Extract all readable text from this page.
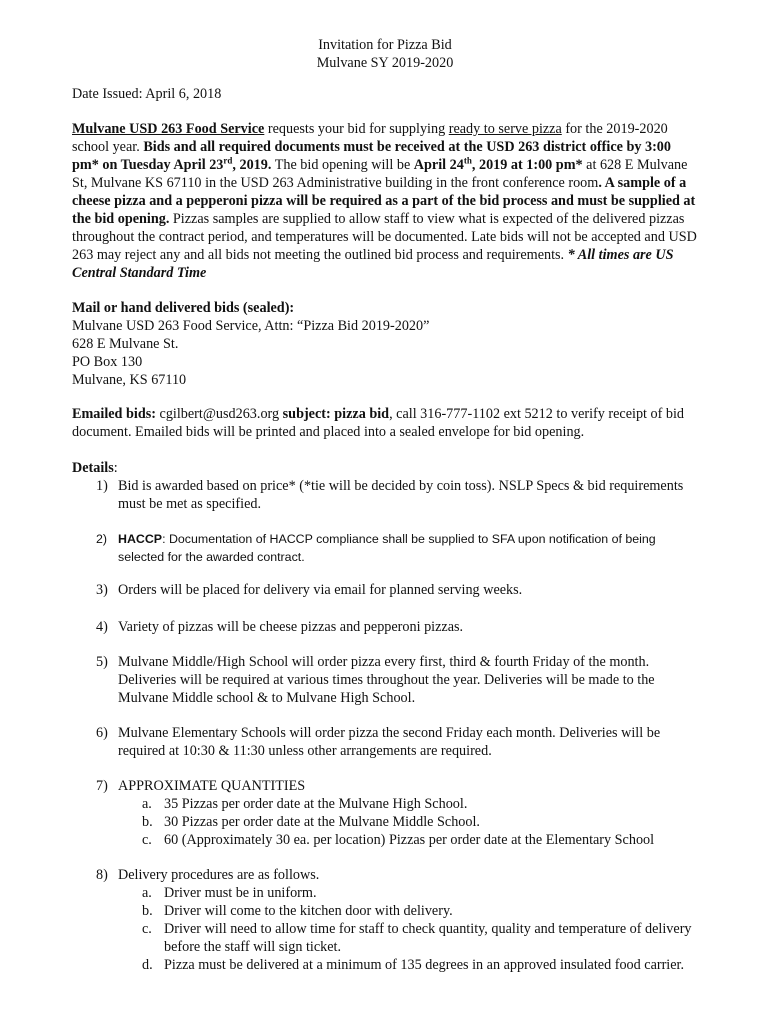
Invitation for Pizza Bid
Mulvane SY 2019-2020
Date Issued: April 6, 2018
Mulvane USD 263 Food Service requests your bid for supplying ready to serve pizza for the 2019-2020 school year. Bids and all required documents must be received at the USD 263 district office by 3:00 pm* on Tuesday April 23rd, 2019. The bid opening will be April 24th, 2019 at 1:00 pm* at 628 E Mulvane St, Mulvane KS 67110 in the USD 263 Administrative building in the front conference room. A sample of a cheese pizza and a pepperoni pizza will be required as a part of the bid process and must be supplied at the bid opening. Pizzas samples are supplied to allow staff to view what is expected of the delivered pizzas throughout the contract period, and temperatures will be documented. Late bids will not be accepted and USD 263 may reject any and all bids not meeting the outlined bid process and requirements. * All times are US Central Standard Time
Mail or hand delivered bids (sealed):
Mulvane USD 263 Food Service, Attn: “Pizza Bid 2019-2020”
628 E Mulvane St.
PO Box 130
Mulvane, KS 67110
Emailed bids: cgilbert@usd263.org subject: pizza bid, call 316-777-1102 ext 5212 to verify receipt of bid document. Emailed bids will be printed and placed into a sealed envelope for bid opening.
Details:
1) Bid is awarded based on price* (*tie will be decided by coin toss). NSLP Specs & bid requirements must be met as specified.
2) HACCP: Documentation of HACCP compliance shall be supplied to SFA upon notification of being selected for the awarded contract.
3) Orders will be placed for delivery via email for planned serving weeks.
4) Variety of pizzas will be cheese pizzas and pepperoni pizzas.
5) Mulvane Middle/High School will order pizza every first, third & fourth Friday of the month. Deliveries will be required at various times throughout the year. Deliveries will be made to the Mulvane Middle school & to Mulvane High School.
6) Mulvane Elementary Schools will order pizza the second Friday each month. Deliveries will be required at 10:30 & 11:30 unless other arrangements are required.
7) APPROXIMATE QUANTITIES
a. 35 Pizzas per order date at the Mulvane High School.
b. 30 Pizzas per order date at the Mulvane Middle School.
c. 60 (Approximately 30 ea. per location) Pizzas per order date at the Elementary School
8) Delivery procedures are as follows.
a. Driver must be in uniform.
b. Driver will come to the kitchen door with delivery.
c. Driver will need to allow time for staff to check quantity, quality and temperature of delivery before the staff will sign ticket.
d. Pizza must be delivered at a minimum of 135 degrees in an approved insulated food carrier.
